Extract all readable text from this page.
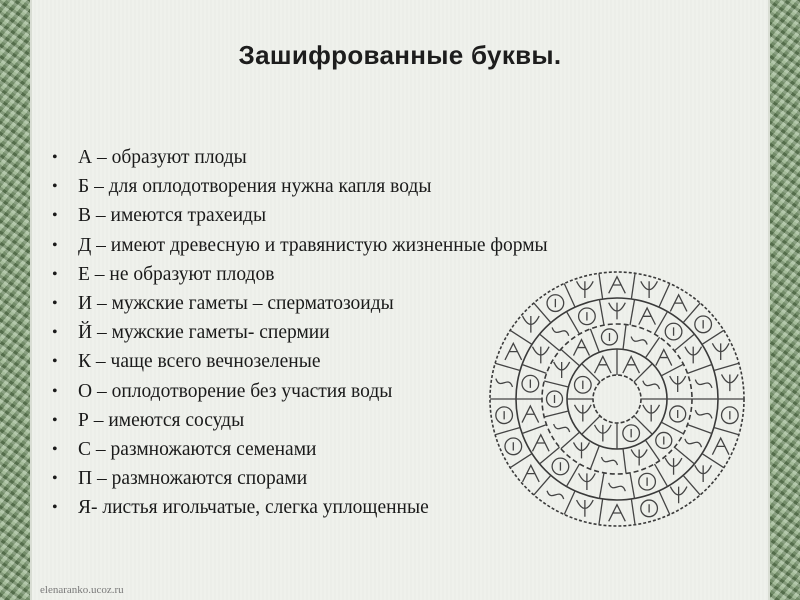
Зашифрованные буквы.
• А – образуют плоды
• Б – для оплодотворения нужна капля воды
• В – имеются трахеиды
• Д – имеют древесную и травянистую жизненные формы
• Е – не образуют плодов
• И – мужские гаметы – сперматозоиды
• Й – мужские гаметы- спермии
• К – чаще всего вечнозеленые
• О – оплодотворение без участия воды
• Р – имеются сосуды
• С – размножаются семенами
• П – размножаются спорами
• Я- листья игольчатые, слегка уплощенные
elenaranko.ucoz.ru
